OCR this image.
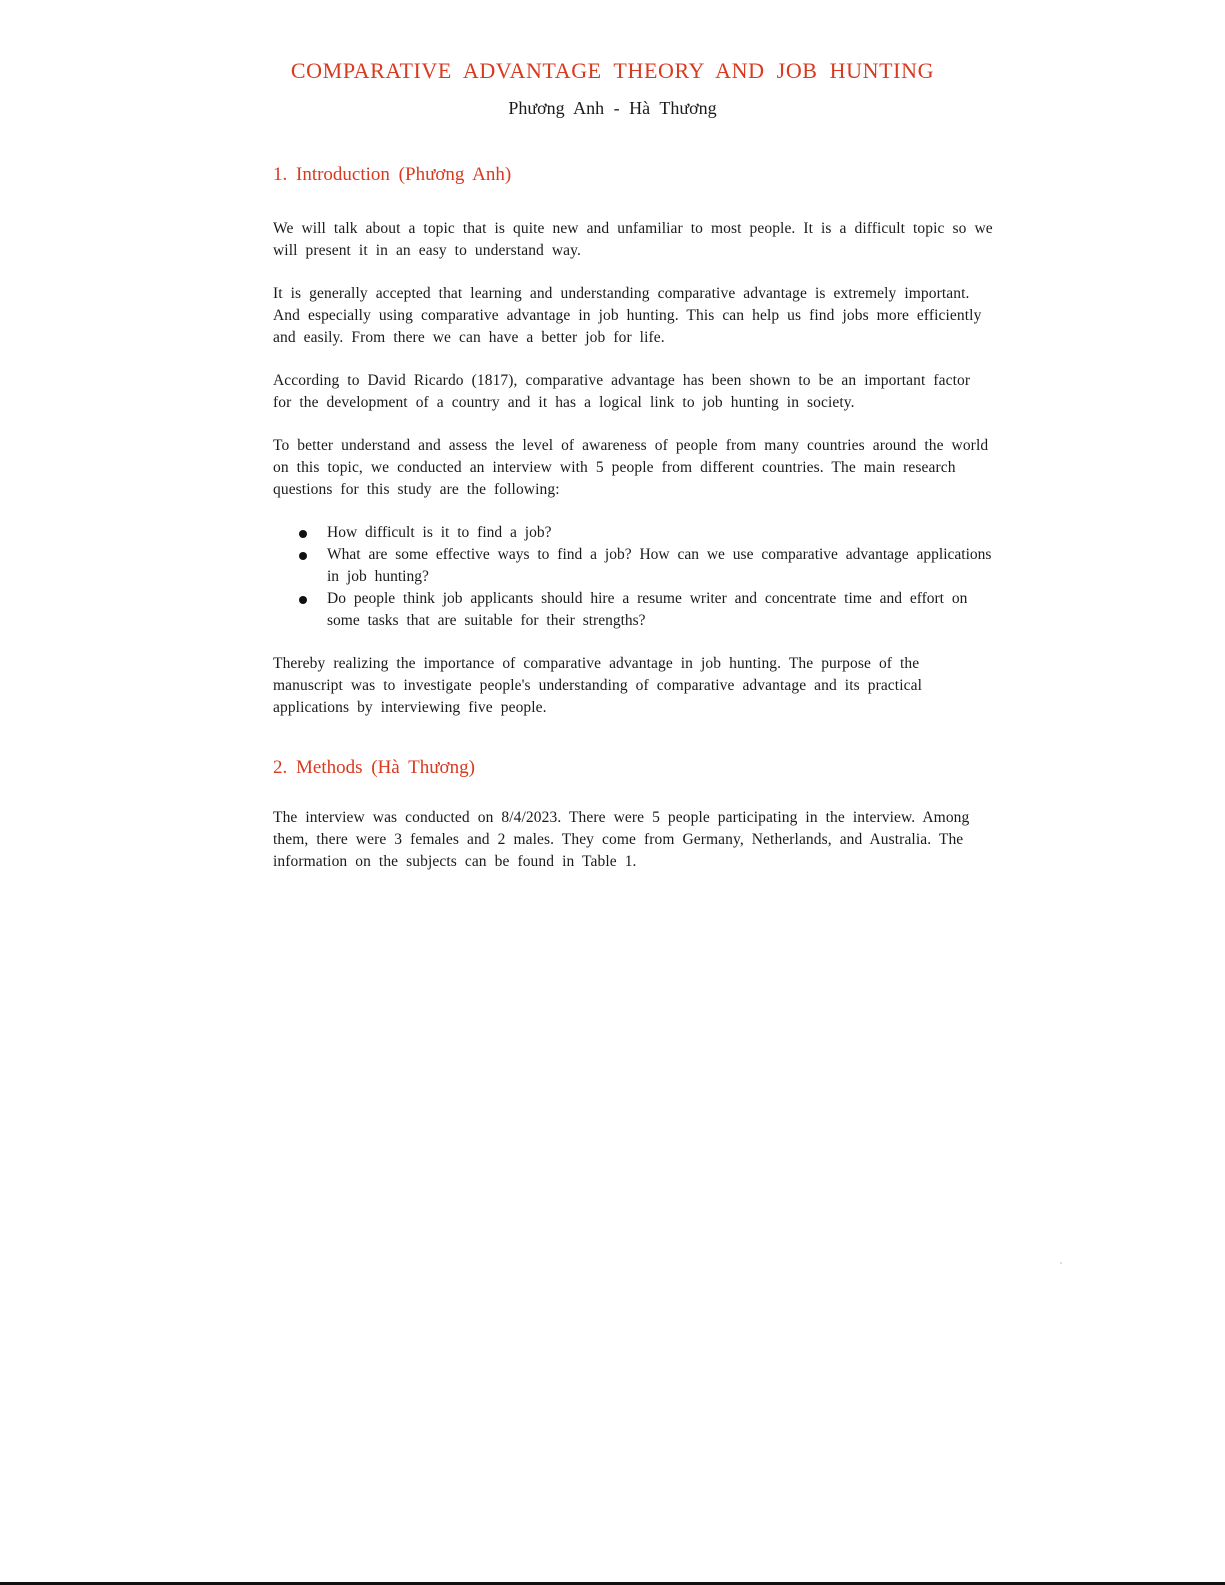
COMPARATIVE ADVANTAGE THEORY AND JOB HUNTING

Phương Anh - Hà Thương

1. Introduction (Phương Anh)

We will talk about a topic that is quite new and unfamiliar to most people. It is a difficult topic so we will present it in an easy to understand way.

It is generally accepted that learning and understanding comparative advantage is extremely important. And especially using comparative advantage in job hunting. This can help us find jobs more efficiently and easily. From there we can have a better job for life.

According to David Ricardo (1817), comparative advantage has been shown to be an important factor for the development of a country and it has a logical link to job hunting in society.

To better understand and assess the level of awareness of people from many countries around the world on this topic, we conducted an interview with 5 people from different countries. The main research questions for this study are the following:

How difficult is it to find a job?
What are some effective ways to find a job? How can we use comparative advantage applications in job hunting?
Do people think job applicants should hire a resume writer and concentrate time and effort on some tasks that are suitable for their strengths?

Thereby realizing the importance of comparative advantage in job hunting. The purpose of the manuscript was to investigate people's understanding of comparative advantage and its practical applications by interviewing five people.

2. Methods (Hà Thương)

The interview was conducted on 8/4/2023. There were 5 people participating in the interview. Among them, there were 3 females and 2 males. They come from Germany, Netherlands, and Australia. The information on the subjects can be found in Table 1.
